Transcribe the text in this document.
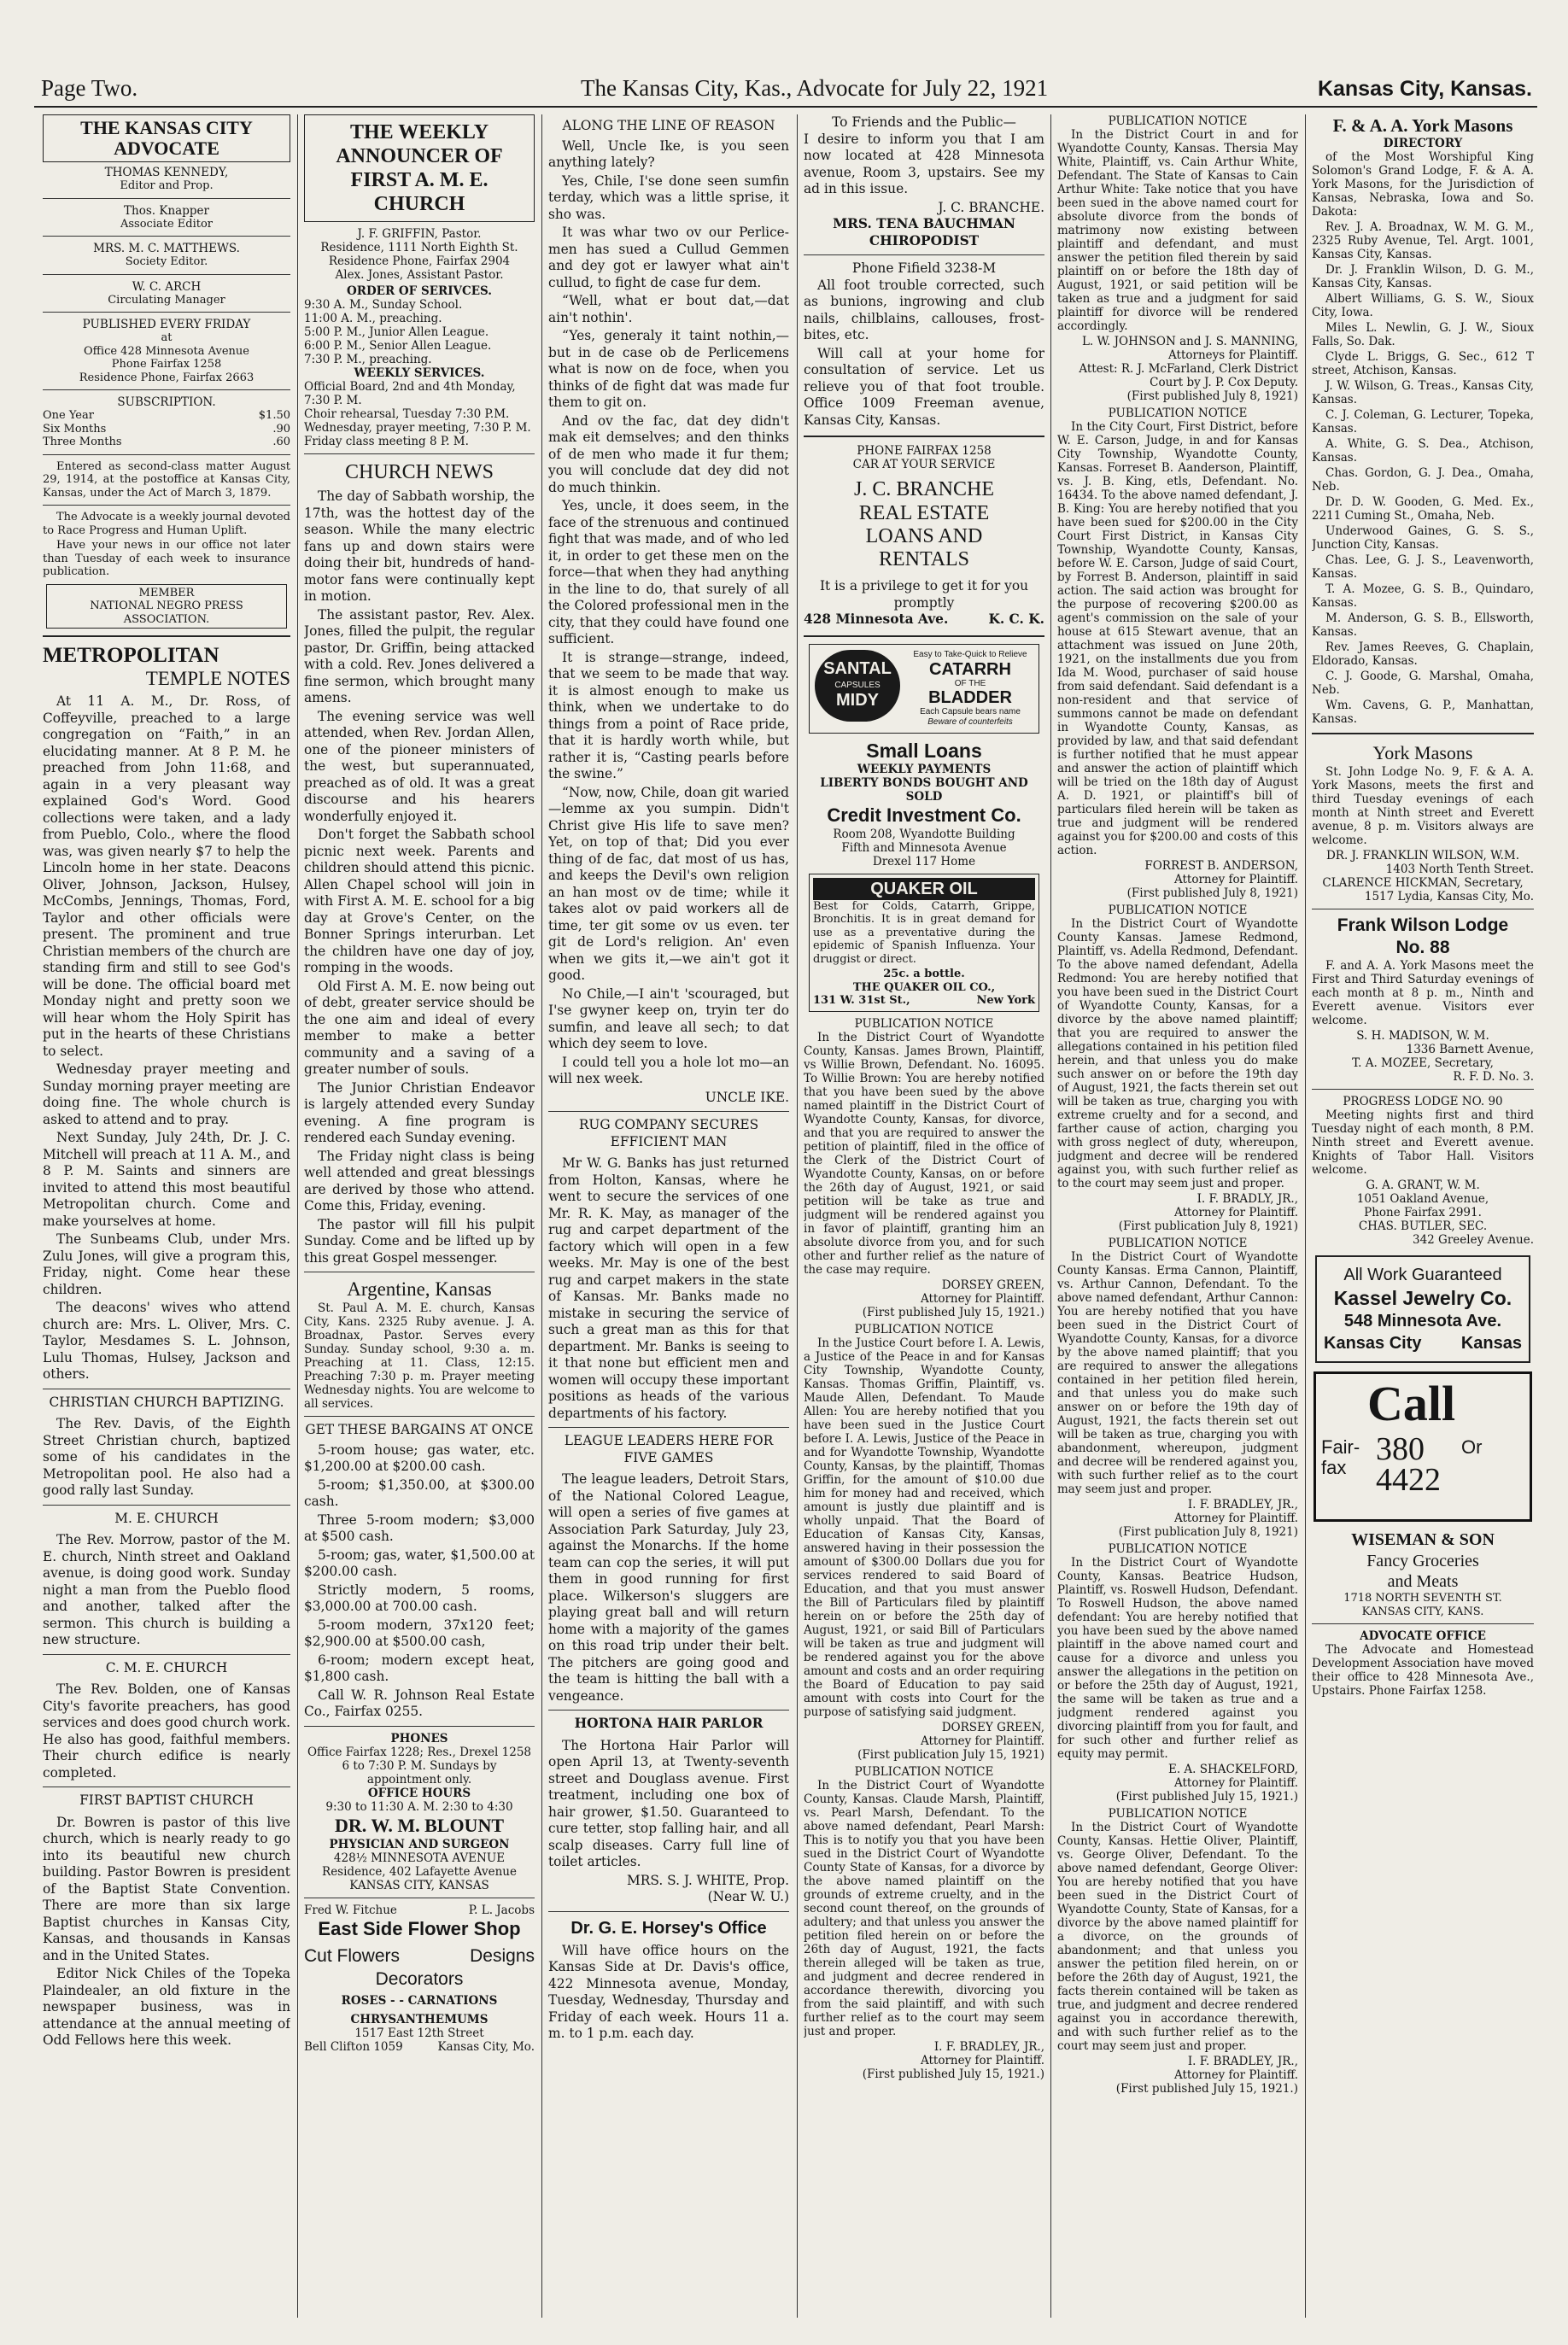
Page Two.	The Kansas City, Kas., Advocate for July 22, 1921	Kansas City, Kansas.
THE KANSAS CITY ADVOCATE
THOMAS KENNEDY,
Editor and Prop.
Thos. Knapper
Associate Editor
MRS. M. C. MATTHEWS.
Society Editor.
W. C. ARCH
Circulating Manager
PUBLISHED EVERY FRIDAY
at
Office 428 Minnesota Avenue
Phone Fairfax 1258
Residence Phone, Fairfax 2663
SUBSCRIPTION.
One Year	$1.50
Six Months	.90
Three Months	.60

Entered as second-class matter August 29, 1914, at the postoffice at Kansas City, Kansas, under the Act of March 3, 1879.

The Advocate is a weekly journal devoted to Race Progress and Human Uplift.

Have your news in our office not later than Tuesday of each week to insurance publication.

MEMBER
NATIONAL NEGRO PRESS ASSOCIATION.
METROPOLITAN
TEMPLE NOTES

At 11 A. M., Dr. Ross, of Coffeyville, preached to a large congregation on “Faith,” in an elucidating manner. At 8 P. M. he preached from John 11:68, and again in a very pleasant way explained God's Word. Good collections were taken, and a lady from Pueblo, Colo., where the flood was, was given nearly $7 to help the Lincoln home in her state. Deacons Oliver, Johnson, Jackson, Hulsey, McCombs, Jennings, Thomas, Ford, Taylor and other officials were present. The prominent and true Christian members of the church are standing firm and still to see God's will be done. The official board met Monday night and pretty soon we will hear whom the Holy Spirit has put in the hearts of these Christians to select.

Wednesday prayer meeting and Sunday morning prayer meeting are doing fine. The whole church is asked to attend and to pray.

Next Sunday, July 24th, Dr. J. C. Mitchell will preach at 11 A. M., and 8 P. M. Saints and sinners are invited to attend this most beautiful Metropolitan church. Come and make yourselves at home.

The Sunbeams Club, under Mrs. Zulu Jones, will give a program this, Friday, night. Come hear these children.

The deacons' wives who attend church are: Mrs. L. Oliver, Mrs. C. Taylor, Mesdames S. L. Johnson, Lulu Thomas, Hulsey, Jackson and others.

CHRISTIAN CHURCH BAPTIZING.

The Rev. Davis, of the Eighth Street Christian church, baptized some of his candidates in the Metropolitan pool. He also had a good rally last Sunday.

M. E. CHURCH

The Rev. Morrow, pastor of the M. E. church, Ninth street and Oakland avenue, is doing good work. Sunday night a man from the Pueblo flood and another, talked after the sermon. This church is building a new structure.

C. M. E. CHURCH

The Rev. Bolden, one of Kansas City's favorite preachers, has good services and does good church work. He also has good, faithful members. Their church edifice is nearly completed.

FIRST BAPTIST CHURCH

Dr. Bowren is pastor of this live church, which is nearly ready to go into its beautiful new church building. Pastor Bowren is president of the Baptist State Convention. There are more than six large Baptist churches in Kansas City, Kansas, and thousands in Kansas and in the United States.

Editor Nick Chiles of the Topeka Plaindealer, an old fixture in the newspaper business, was in attendance at the annual meeting of Odd Fellows here this week.

THE WEEKLY ANNOUNCER OF FIRST A. M. E. CHURCH
J. F. GRIFFIN, Pastor.
Residence, 1111 North Eighth St.
Residence Phone, Fairfax 2904
Alex. Jones, Assistant Pastor.
ORDER OF SERIVCES.
9:30 A. M., Sunday School.
11:00 A. M., preaching.
5:00 P. M., Junior Allen League.
6:00 P. M., Senior Allen League.
7:30 P. M., preaching.
WEEKLY SERVICES.
Official Board, 2nd and 4th Monday, 7:30 P. M.
Choir rehearsal, Tuesday 7:30 P.M.
Wednesday, prayer meeting, 7:30 P. M. Friday class meeting 8 P. M.
CHURCH NEWS

The day of Sabbath worship, the 17th, was the hottest day of the season. While the many electric fans up and down stairs were doing their bit, hundreds of hand-motor fans were continually kept in motion.

The assistant pastor, Rev. Alex. Jones, filled the pulpit, the regular pastor, Dr. Griffin, being attacked with a cold. Rev. Jones delivered a fine sermon, which brought many amens.

The evening service was well attended, when Rev. Jordan Allen, one of the pioneer ministers of the west, but superannuated, preached as of old. It was a great discourse and his hearers wonderfully enjoyed it.

Don't forget the Sabbath school picnic next week. Parents and children should attend this picnic. Allen Chapel school will join in with First A. M. E. school for a big day at Grove's Center, on the Bonner Springs interurban. Let the children have one day of joy, romping in the woods.

Old First A. M. E. now being out of debt, greater service should be the one aim and ideal of every member to make a better community and a saving of a greater number of souls.

The Junior Christian Endeavor is largely attended every Sunday evening. A fine program is rendered each Sunday evening.

The Friday night class is being well attended and great blessings are derived by those who attend. Come this, Friday, evening.

The pastor will fill his pulpit Sunday. Come and be lifted up by this great Gospel messenger.

Argentine, Kansas

St. Paul A. M. E. church, Kansas City, Kans. 2325 Ruby avenue. J. A. Broadnax, Pastor. Serves every Sunday. Sunday school, 9:30 a. m. Preaching at 11. Class, 12:15. Preaching 7:30 p. m. Prayer meeting Wednesday nights. You are welcome to all services.

GET THESE BARGAINS AT ONCE

5-room house; gas water, etc. $1,200.00 at $200.00 cash.

5-room; $1,350.00, at $300.00 cash.

Three 5-room modern; $3,000 at $500 cash.

5-room; gas, water, $1,500.00 at $200.00 cash.

Strictly modern, 5 rooms, $3,000.00 at 700.00 cash.

5-room modern, 37x120 feet; $2,900.00 at $500.00 cash,

6-room; modern except heat, $1,800 cash.

Call W. R. Johnson Real Estate Co., Fairfax 0255.

PHONES
Office Fairfax 1228; Res., Drexel 1258 6 to 7:30 P. M. Sundays by appointment only.
OFFICE HOURS
9:30 to 11:30 A. M. 2:30 to 4:30
DR. W. M. BLOUNT
PHYSICIAN AND SURGEON
428½ MINNESOTA AVENUE
Residence, 402 Lafayette Avenue
KANSAS CITY, KANSAS
Fred W. Fitchue	P. L. Jacobs
East Side Flower Shop
Cut Flowers	Designs
Decorators
ROSES - - CARNATIONS
CHRYSANTHEMUMS
1517 East 12th Street
Bell Clifton 1059	Kansas City, Mo.
ALONG THE LINE OF REASON

Well, Uncle Ike, is you seen anything lately?

Yes, Chile, I'se done seen sumfin terday, which was a little sprise, it sho was.

It was whar two ov our Perlice-men has sued a Cullud Gemmen and dey got er lawyer what ain't cullud, to fight de case fur dem.

“Well, what er bout dat,—dat ain't nothin'.

“Yes, generaly it taint nothin,—but in de case ob de Perlicemens what is now on de foce, when you thinks of de fight dat was made fur them to git on.

And ov the fac, dat dey didn't mak eit demselves; and den thinks of de men who made it fur them; you will conclude dat dey did not do much thinkin.

Yes, uncle, it does seem, in the face of the strenuous and continued fight that was made, and of who led it, in order to get these men on the force—that when they had anything in the line to do, that surely of all the Colored professional men in the city, that they could have found one sufficient.

It is strange—strange, indeed, that we seem to be made that way. it is almost enough to make us think, when we undertake to do things from a point of Race pride, that it is hardly worth while, but rather it is, “Casting pearls before the swine.”

“Now, now, Chile, doan git waried—lemme ax you sumpin. Didn't Christ give His life to save men? Yet, on top of that; Did you ever thing of de fac, dat most of us has, and keeps the Devil's own religion an han most ov de time; while it takes alot ov paid workers all de time, ter git some ov us even. ter git de Lord's religion. An' even when we gits it,—we ain't got it good.

No Chile,—I ain't 'scouraged, but I'se gwyner keep on, tryin ter do sumfin, and leave all sech; to dat which dey seem to love.

I could tell you a hole lot mo—an will nex week.

UNCLE IKE.
RUG COMPANY SECURES EFFICIENT MAN

Mr W. G. Banks has just returned from Holton, Kansas, where he went to secure the services of one Mr. R. K. May, as manager of the rug and carpet department of the factory which will open in a few weeks. Mr. May is one of the best rug and carpet makers in the state of Kansas. Mr. Banks made no mistake in securing the service of such a great man as this for that department. Mr. Banks is seeing to it that none but efficient men and women will occupy these important positions as heads of the various departments of his factory.

LEAGUE LEADERS HERE FOR FIVE GAMES

The league leaders, Detroit Stars, of the National Colored League, will open a series of five games at Association Park Saturday, July 23, against the Monarchs. If the home team can cop the series, it will put them in good running for first place. Wilkerson's sluggers are playing great ball and will return home with a majority of the games on this road trip under their belt. The pitchers are going good and the team is hitting the ball with a vengeance.

HORTONA HAIR PARLOR

The Hortona Hair Parlor will open April 13, at Twenty-seventh street and Douglass avenue. First treatment, including one box of hair grower, $1.50. Guaranteed to cure tetter, stop falling hair, and all scalp diseases. Carry full line of toilet articles.

MRS. S. J. WHITE, Prop.
(Near W. U.)
Dr. G. E. Horsey's Office

Will have office hours on the Kansas Side at Dr. Davis's office, 422 Minnesota avenue, Monday, Tuesday, Wednesday, Thursday and Friday of each week. Hours 11 a. m. to 1 p.m. each day.

To Friends and the Public—

I desire to inform you that I am now located at 428 Minnesota avenue, Room 3, upstairs. See my ad in this issue.

J. C. BRANCHE.
MRS. TENA BAUCHMAN
CHIROPODIST
Phone Fifield 3238-M

All foot trouble corrected, such as bunions, ingrowing and club nails, chilblains, callouses, frost-bites, etc.

Will call at your home for consultation of service. Let us relieve you of that foot trouble. Office 1009 Freeman avenue, Kansas City, Kansas.

PHONE FAIRFAX 1258
CAR AT YOUR SERVICE
J. C. BRANCHE
REAL ESTATE
LOANS AND
RENTALS
It is a privilege to get it for you promptly
428 Minnesota Ave.	K. C. K.
SANTAL
CAPSULES
MIDY
Easy to Take-Quick to Relieve
CATARRH
OF THE
BLADDER
Each Capsule bears name
Beware of counterfeits
Small Loans
WEEKLY PAYMENTS
LIBERTY BONDS BOUGHT AND SOLD
Credit Investment Co.
Room 208, Wyandotte Building
Fifth and Minnesota Avenue
Drexel 117 Home
QUAKER OIL

Best for Colds, Catarrh, Grippe, Bronchitis. It is in great demand for use as a preventative during the epidemic of Spanish Influenza. Your druggist or direct.

25c. a bottle.
THE QUAKER OIL CO.,
131 W. 31st St.,	New York
PUBLICATION NOTICE

In the District Court of Wyandotte County, Kansas. James Brown, Plaintiff, vs Willie Brown, Defendant. No. 16095. To Willie Brown: You are hereby notified that you have been sued by the above named plaintiff in the District Court of Wyandotte County, Kansas, for divorce, and that you are required to answer the petition of plaintiff, filed in the office of the Clerk of the District Court of Wyandotte County, Kansas, on or before the 26th day of August, 1921, or said petition will be take as true and judgment will be rendered against you in favor of plaintiff, granting him an absolute divorce from you, and for such other and further relief as the nature of the case may require.

DORSEY GREEN,
Attorney for Plaintiff.
(First published July 15, 1921.)
PUBLICATION NOTICE

In the Justice Court before I. A. Lewis, a Justice of the Peace in and for Kansas City Township, Wyandotte County, Kansas. Thomas Griffin, Plaintiff, vs. Maude Allen, Defendant. To Maude Allen: You are hereby notified that you have been sued in the Justice Court before I. A. Lewis, Justice of the Peace in and for Wyandotte Township, Wyandotte County, Kansas, by the plaintiff, Thomas Griffin, for the amount of $10.00 due him for money had and received, which amount is justly due plaintiff and is wholly unpaid. That the Board of Education of Kansas City, Kansas, answered having in their possession the amount of $300.00 Dollars due you for services rendered to said Board of Education, and that you must answer the Bill of Particulars filed by plaintiff herein on or before the 25th day of August, 1921, or said Bill of Particulars will be taken as true and judgment will be rendered against you for the above amount and costs and an order requiring the Board of Education to pay said amount with costs into Court for the purpose of satisfying said judgment.

DORSEY GREEN,
Attorney for Plaintiff.
(First publication July 15, 1921)
PUBLICATION NOTICE

In the District Court of Wyandotte County, Kansas. Claude Marsh, Plaintiff, vs. Pearl Marsh, Defendant. To the above named defendant, Pearl Marsh: This is to notify you that you have been sued in the District Court of Wyandotte County State of Kansas, for a divorce by the above named plaintiff on the grounds of extreme cruelty, and in the second count thereof, on the grounds of adultery; and that unless you answer the petition filed herein on or before the 26th day of August, 1921, the facts therein alleged will be taken as true, and judgment and decree rendered in accordance therewith, divorcing you from the said plaintiff, and with such further relief as to the court may seem just and proper.

I. F. BRADLEY, JR.,
Attorney for Plaintiff.
(First published July 15, 1921.)
PUBLICATION NOTICE

In the District Court in and for Wyandotte County, Kansas. Thersia May White, Plaintiff, vs. Cain Arthur White, Defendant. The State of Kansas to Cain Arthur White: Take notice that you have been sued in the above named court for absolute divorce from the bonds of matrimony now existing between plaintiff and defendant, and must answer the petition filed therein by said plaintiff on or before the 18th day of August, 1921, or said petition will be taken as true and a judgment for said plaintiff for divorce will be rendered accordingly.

L. W. JOHNSON and J. S. MANNING, Attorneys for Plaintiff.
Attest: R. J. McFarland, Clerk District Court by J. P. Cox Deputy.
(First published July 8, 1921)
PUBLICATION NOTICE

In the City Court, First District, before W. E. Carson, Judge, in and for Kansas City Township, Wyandotte County, Kansas. Forreset B. Aanderson, Plaintiff, vs. J. B. King, etls, Defendant. No. 16434. To the above named defendant, J. B. King: You are hereby notified that you have been sued for $200.00 in the City Court First District, in Kansas City Township, Wyandotte County, Kansas, before W. E. Carson, Judge of said Court, by Forrest B. Anderson, plaintiff in said action. The said action was brought for the purpose of recovering $200.00 as agent's commission on the sale of your house at 615 Stewart avenue, that an attachment was issued on June 20th, 1921, on the installments due you from Ida M. Wood, purchaser of said house from said defendant. Said defendant is a non-resident and that service of summons cannot be made on defendant in Wyandotte County, Kansas, as provided by law, and that said defendant is further notified that he must appear and answer the action of plaintiff which will be tried on the 18th day of August A. D. 1921, or plaintiff's bill of particulars filed herein will be taken as true and judgment will be rendered against you for $200.00 and costs of this action.

FORREST B. ANDERSON,
Attorney for Plaintiff.
(First published July 8, 1921)
PUBLICATION NOTICE

In the District Court of Wyandotte County Kansas. Jamese Redmond, Plaintiff, vs. Adella Redmond, Defendant. To the above named defendant, Adella Redmond: You are hereby notified that you have been sued in the District Court of Wyandotte County, Kansas, for a divorce by the above named plaintiff; that you are required to answer the allegations contained in his petition filed herein, and that unless you do make such answer on or before the 19th day of August, 1921, the facts therein set out will be taken as true, charging you with extreme cruelty and for a second, and farther cause of action, charging you with gross neglect of duty, whereupon, judgment and decree will be rendered against you, with such further relief as to the court may seem just and proper.

I. F. BRADLY, JR.,
Attorney for Plaintiff.
(First publication July 8, 1921)
PUBLICATION NOTICE

In the District Court of Wyandotte County Kansas. Erma Cannon, Plaintiff, vs. Arthur Cannon, Defendant. To the above named defendant, Arthur Cannon: You are hereby notified that you have been sued in the District Court of Wyandotte County, Kansas, for a divorce by the above named plaintiff; that you are required to answer the allegations contained in her petition filed herein, and that unless you do make such answer on or before the 19th day of August, 1921, the facts therein set out will be taken as true, charging you with abandonment, whereupon, judgment and decree will be rendered against you, with such further relief as to the court may seem just and proper.

I. F. BRADLEY, JR.,
Attorney for Plaintiff.
(First publication July 8, 1921)
PUBLICATION NOTICE

In the District Court of Wyandotte County, Kansas. Beatrice Hudson, Plaintiff, vs. Roswell Hudson, Defendant. To Roswell Hudson, the above named defendant: You are hereby notified that you have been sued by the above named plaintiff in the above named court and cause for a divorce and unless you answer the allegations in the petition on or before the 25th day of August, 1921, the same will be taken as true and a judgment rendered against you divorcing plaintiff from you for fault, and for such other and further relief as equity may permit.

E. A. SHACKELFORD,
Attorney for Plaintiff.
(First published July 15, 1921.)
PUBLICATION NOTICE

In the District Court of Wyandotte County, Kansas. Hettie Oliver, Plaintiff, vs. George Oliver, Defendant. To the above named defendant, George Oliver: You are hereby notified that you have been sued in the District Court of Wyandotte County, State of Kansas, for a divorce by the above named plaintiff for a divorce, on the grounds of abandonment; and that unless you answer the petition filed herein, on or before the 26th day of August, 1921, the facts therein contained will be taken as true, and judgment and decree rendered against you in accordance therewith, and with such further relief as to the court may seem just and proper.

I. F. BRADLEY, JR.,
Attorney for Plaintiff.
(First published July 15, 1921.)
F. & A. A. York Masons
DIRECTORY

of the Most Worshipful King Solomon's Grand Lodge, F. & A. A. York Masons, for the Jurisdiction of Kansas, Nebraska, Iowa and So. Dakota:

Rev. J. A. Broadnax, W. M. G. M., 2325 Ruby Avenue, Tel. Argt. 1001, Kansas City, Kansas.

Dr. J. Franklin Wilson, D. G. M., Kansas City, Kansas.

Albert Williams, G. S. W., Sioux City, Iowa.

Miles L. Newlin, G. J. W., Sioux Falls, So. Dak.

Clyde L. Briggs, G. Sec., 612 T street, Atchison, Kansas.

J. W. Wilson, G. Treas., Kansas City, Kansas.

C. J. Coleman, G. Lecturer, Topeka, Kansas.

A. White, G. S. Dea., Atchison, Kansas.

Chas. Gordon, G. J. Dea., Omaha, Neb.

Dr. D. W. Gooden, G. Med. Ex., 2211 Cuming St., Omaha, Neb.

Underwood Gaines, G. S. S., Junction City, Kansas.

Chas. Lee, G. J. S., Leavenworth, Kansas.

T. A. Mozee, G. S. B., Quindaro, Kansas.

M. Anderson, G. S. B., Ellsworth, Kansas.

Rev. James Reeves, G. Chaplain, Eldorado, Kansas.

C. J. Goode, G. Marshal, Omaha, Neb.

Wm. Cavens, G. P., Manhattan, Kansas.

York Masons

St. John Lodge No. 9, F. & A. A. York Masons, meets the first and third Tuesday evenings of each month at Ninth street and Everett avenue, 8 p. m. Visitors always are welcome.

DR. J. FRANKLIN WILSON, W.M.
1403 North Tenth Street.
CLARENCE HICKMAN, Secretary,
1517 Lydia, Kansas City, Mo.
Frank Wilson Lodge
No. 88

F. and A. A. York Masons meet the First and Third Saturday evenings of each month at 8 p. m., Ninth and Everett avenue. Visitors ever welcome.

S. H. MADISON, W. M.
1336 Barnett Avenue,
T. A. MOZEE, Secretary,
R. F. D. No. 3.
PROGRESS LODGE NO. 90

Meeting nights first and third Tuesday night of each month, 8 P.M. Ninth street and Everett avenue. Knights of Tabor Hall. Visitors welcome.

G. A. GRANT, W. M.
1051 Oakland Avenue,
Phone Fairfax 2991.
CHAS. BUTLER, SEC.
342 Greeley Avenue.
All Work Guaranteed
Kassel Jewelry Co.
548 Minnesota Ave.
Kansas City Kansas
Call
Fair-
fax
380 Or
4422
WISEMAN & SON
Fancy Groceries
and Meats
1718 NORTH SEVENTH ST.
KANSAS CITY, KANS.
ADVOCATE OFFICE

The Advocate and Homestead Development Association have moved their office to 428 Minnesota Ave., Upstairs. Phone Fairfax 1258.
